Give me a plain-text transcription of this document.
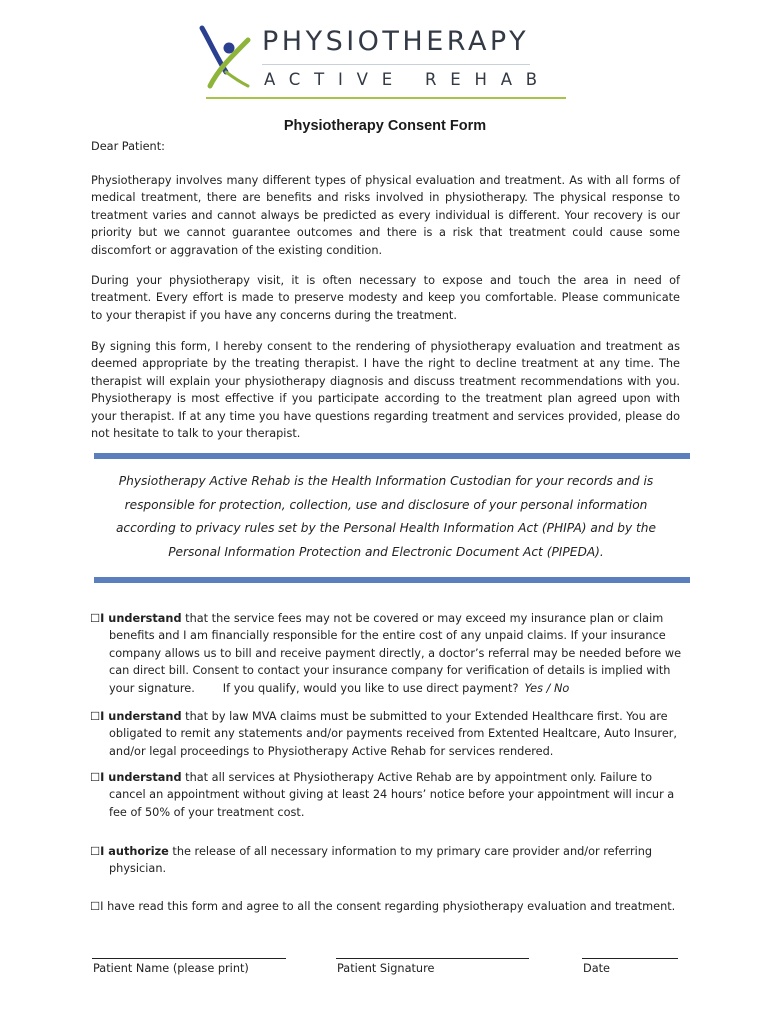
PHYSIOTHERAPY
ACTIVE REHAB
Physiotherapy Consent Form
Dear Patient:
Physiotherapy involves many different types of physical evaluation and treatment. As with all forms of medical treatment, there are benefits and risks involved in physiotherapy. The physical response to treatment varies and cannot always be predicted as every individual is different. Your recovery is our priority but we cannot guarantee outcomes and there is a risk that treatment could cause some discomfort or aggravation of the existing condition.
During your physiotherapy visit, it is often necessary to expose and touch the area in need of treatment. Every effort is made to preserve modesty and keep you comfortable. Please communicate to your therapist if you have any concerns during the treatment.
By signing this form, I hereby consent to the rendering of physiotherapy evaluation and treatment as deemed appropriate by the treating therapist. I have the right to decline treatment at any time. The therapist will explain your physiotherapy diagnosis and discuss treatment recommendations with you. Physiotherapy is most effective if you participate according to the treatment plan agreed upon with your therapist. If at any time you have questions regarding treatment and services provided, please do not hesitate to talk to your therapist.
Physiotherapy Active Rehab is the Health Information Custodian for your records and is responsible for protection, collection, use and disclosure of your personal information according to privacy rules set by the Personal Health Information Act (PHIPA) and by the Personal Information Protection and Electronic Document Act (PIPEDA).
☐I understand that the service fees may not be covered or may exceed my insurance plan or claim
benefits and I am financially responsible for the entire cost of any unpaid claims. If your insurance company allows us to bill and receive payment directly, a doctor’s referral may be needed before we can direct bill. Consent to contact your insurance company for verification of details is implied with your signature. If you qualify, would you like to use direct payment? Yes / No
☐I understand that by law MVA claims must be submitted to your Extended Healthcare first. You are
obligated to remit any statements and/or payments received from Extented Healtcare, Auto Insurer, and/or legal proceedings to Physiotherapy Active Rehab for services rendered.
☐I understand that all services at Physiotherapy Active Rehab are by appointment only. Failure to
cancel an appointment without giving at least 24 hours’ notice before your appointment will incur a fee of 50% of your treatment cost.
☐I authorize the release of all necessary information to my primary care provider and/or referring
physician.
☐I have read this form and agree to all the consent regarding physiotherapy evaluation and treatment.
Patient Name (please print)	Patient Signature	Date
